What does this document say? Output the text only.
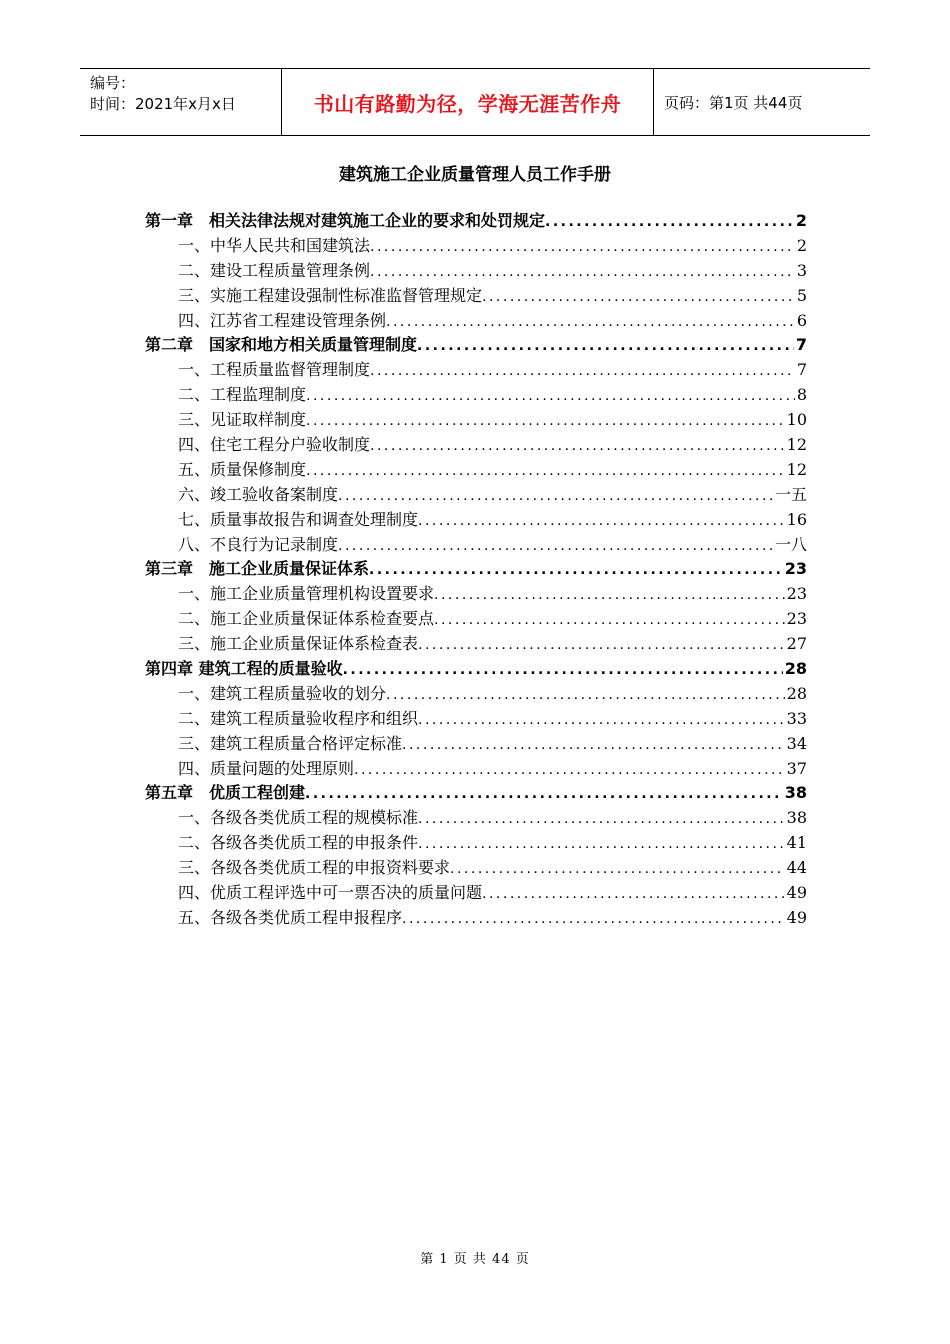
编号：
时间：2021年x月x日	书山有路勤为径，学海无涯苦作舟	页码：第1页 共44页
建筑施工企业质量管理人员工作手册
第一章　相关法律法规对建筑施工企业的要求和处罚规定 .....	2
一、中华人民共和国建筑法 .....	2
二、建设工程质量管理条例 .....	3
三、实施工程建设强制性标准监督管理规定 .....	5
四、江苏省工程建设管理条例 .....	6
第二章　国家和地方相关质量管理制度 .....	7
一、工程质量监督管理制度 .....	7
二、工程监理制度 .....	8
三、见证取样制度 .....	10
四、住宅工程分户验收制度 .....	12
五、质量保修制度 .....	12
六、竣工验收备案制度 .....	一五
七、质量事故报告和调查处理制度 .....	16
八、不良行为记录制度 .....	一八
第三章　施工企业质量保证体系 .....	23
一、施工企业质量管理机构设置要求 .....	23
二、施工企业质量保证体系检查要点 .....	23
三、施工企业质量保证体系检查表 .....	27
第四章 建筑工程的质量验收 .....	28
一、建筑工程质量验收的划分 .....	28
二、建筑工程质量验收程序和组织 .....	33
三、建筑工程质量合格评定标准 .....	34
四、质量问题的处理原则 .....	37
第五章　优质工程创建 .....	38
一、各级各类优质工程的规模标准 .....	38
二、各级各类优质工程的申报条件 .....	41
三、各级各类优质工程的申报资料要求 .....	44
四、优质工程评选中可一票否决的质量问题 .....	49
五、各级各类优质工程申报程序 .....	49
第 1 页 共 44 页
